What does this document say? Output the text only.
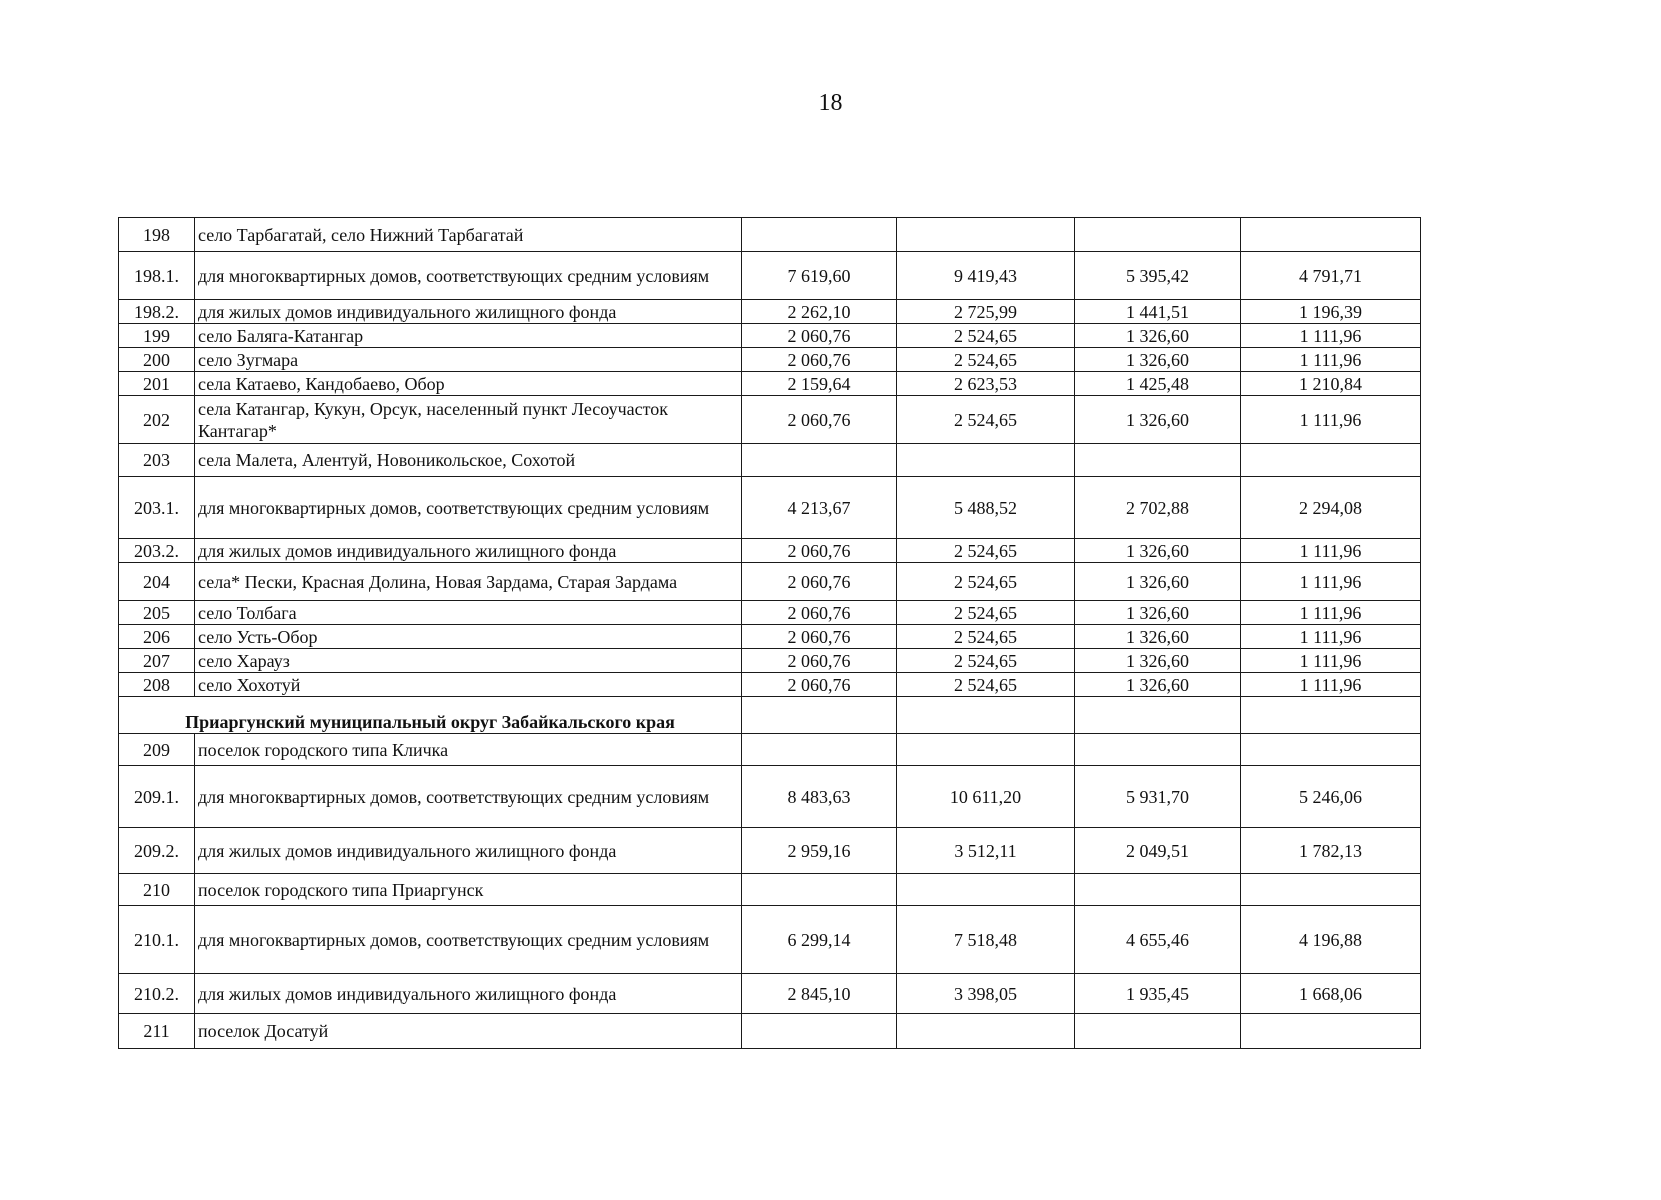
18
198	село Тарбагатай, село Нижний Тарбагатай				
198.1.	для многоквартирных домов, соответствующих средним условиям	7 619,60	9 419,43	5 395,42	4 791,71
198.2.	для жилых домов индивидуального жилищного фонда	2 262,10	2 725,99	1 441,51	1 196,39
199	село Баляга-Катангар	2 060,76	2 524,65	1 326,60	1 111,96
200	село Зугмара	2 060,76	2 524,65	1 326,60	1 111,96
201	села Катаево, Кандобаево, Обор	2 159,64	2 623,53	1 425,48	1 210,84
202	села Катангар, Кукун, Орсук, населенный пункт Лесоучасток Кантагар*	2 060,76	2 524,65	1 326,60	1 111,96
203	села Малета, Алентуй, Новоникольское, Сохотой				
203.1.	для многоквартирных домов, соответствующих средним условиям	4 213,67	5 488,52	2 702,88	2 294,08
203.2.	для жилых домов индивидуального жилищного фонда	2 060,76	2 524,65	1 326,60	1 111,96
204	села* Пески, Красная Долина, Новая Зардама, Старая Зардама	2 060,76	2 524,65	1 326,60	1 111,96
205	село Толбага	2 060,76	2 524,65	1 326,60	1 111,96
206	село Усть-Обор	2 060,76	2 524,65	1 326,60	1 111,96
207	село Харауз	2 060,76	2 524,65	1 326,60	1 111,96
208	село Хохотуй	2 060,76	2 524,65	1 326,60	1 111,96
Приаргунский муниципальный округ Забайкальского края					
209	поселок городского типа Кличка				
209.1.	для многоквартирных домов, соответствующих средним условиям	8 483,63	10 611,20	5 931,70	5 246,06
209.2.	для жилых домов индивидуального жилищного фонда	2 959,16	3 512,11	2 049,51	1 782,13
210	поселок городского типа Приаргунск				
210.1.	для многоквартирных домов, соответствующих средним условиям	6 299,14	7 518,48	4 655,46	4 196,88
210.2.	для жилых домов индивидуального жилищного фонда	2 845,10	3 398,05	1 935,45	1 668,06
211	поселок Досатуй				
